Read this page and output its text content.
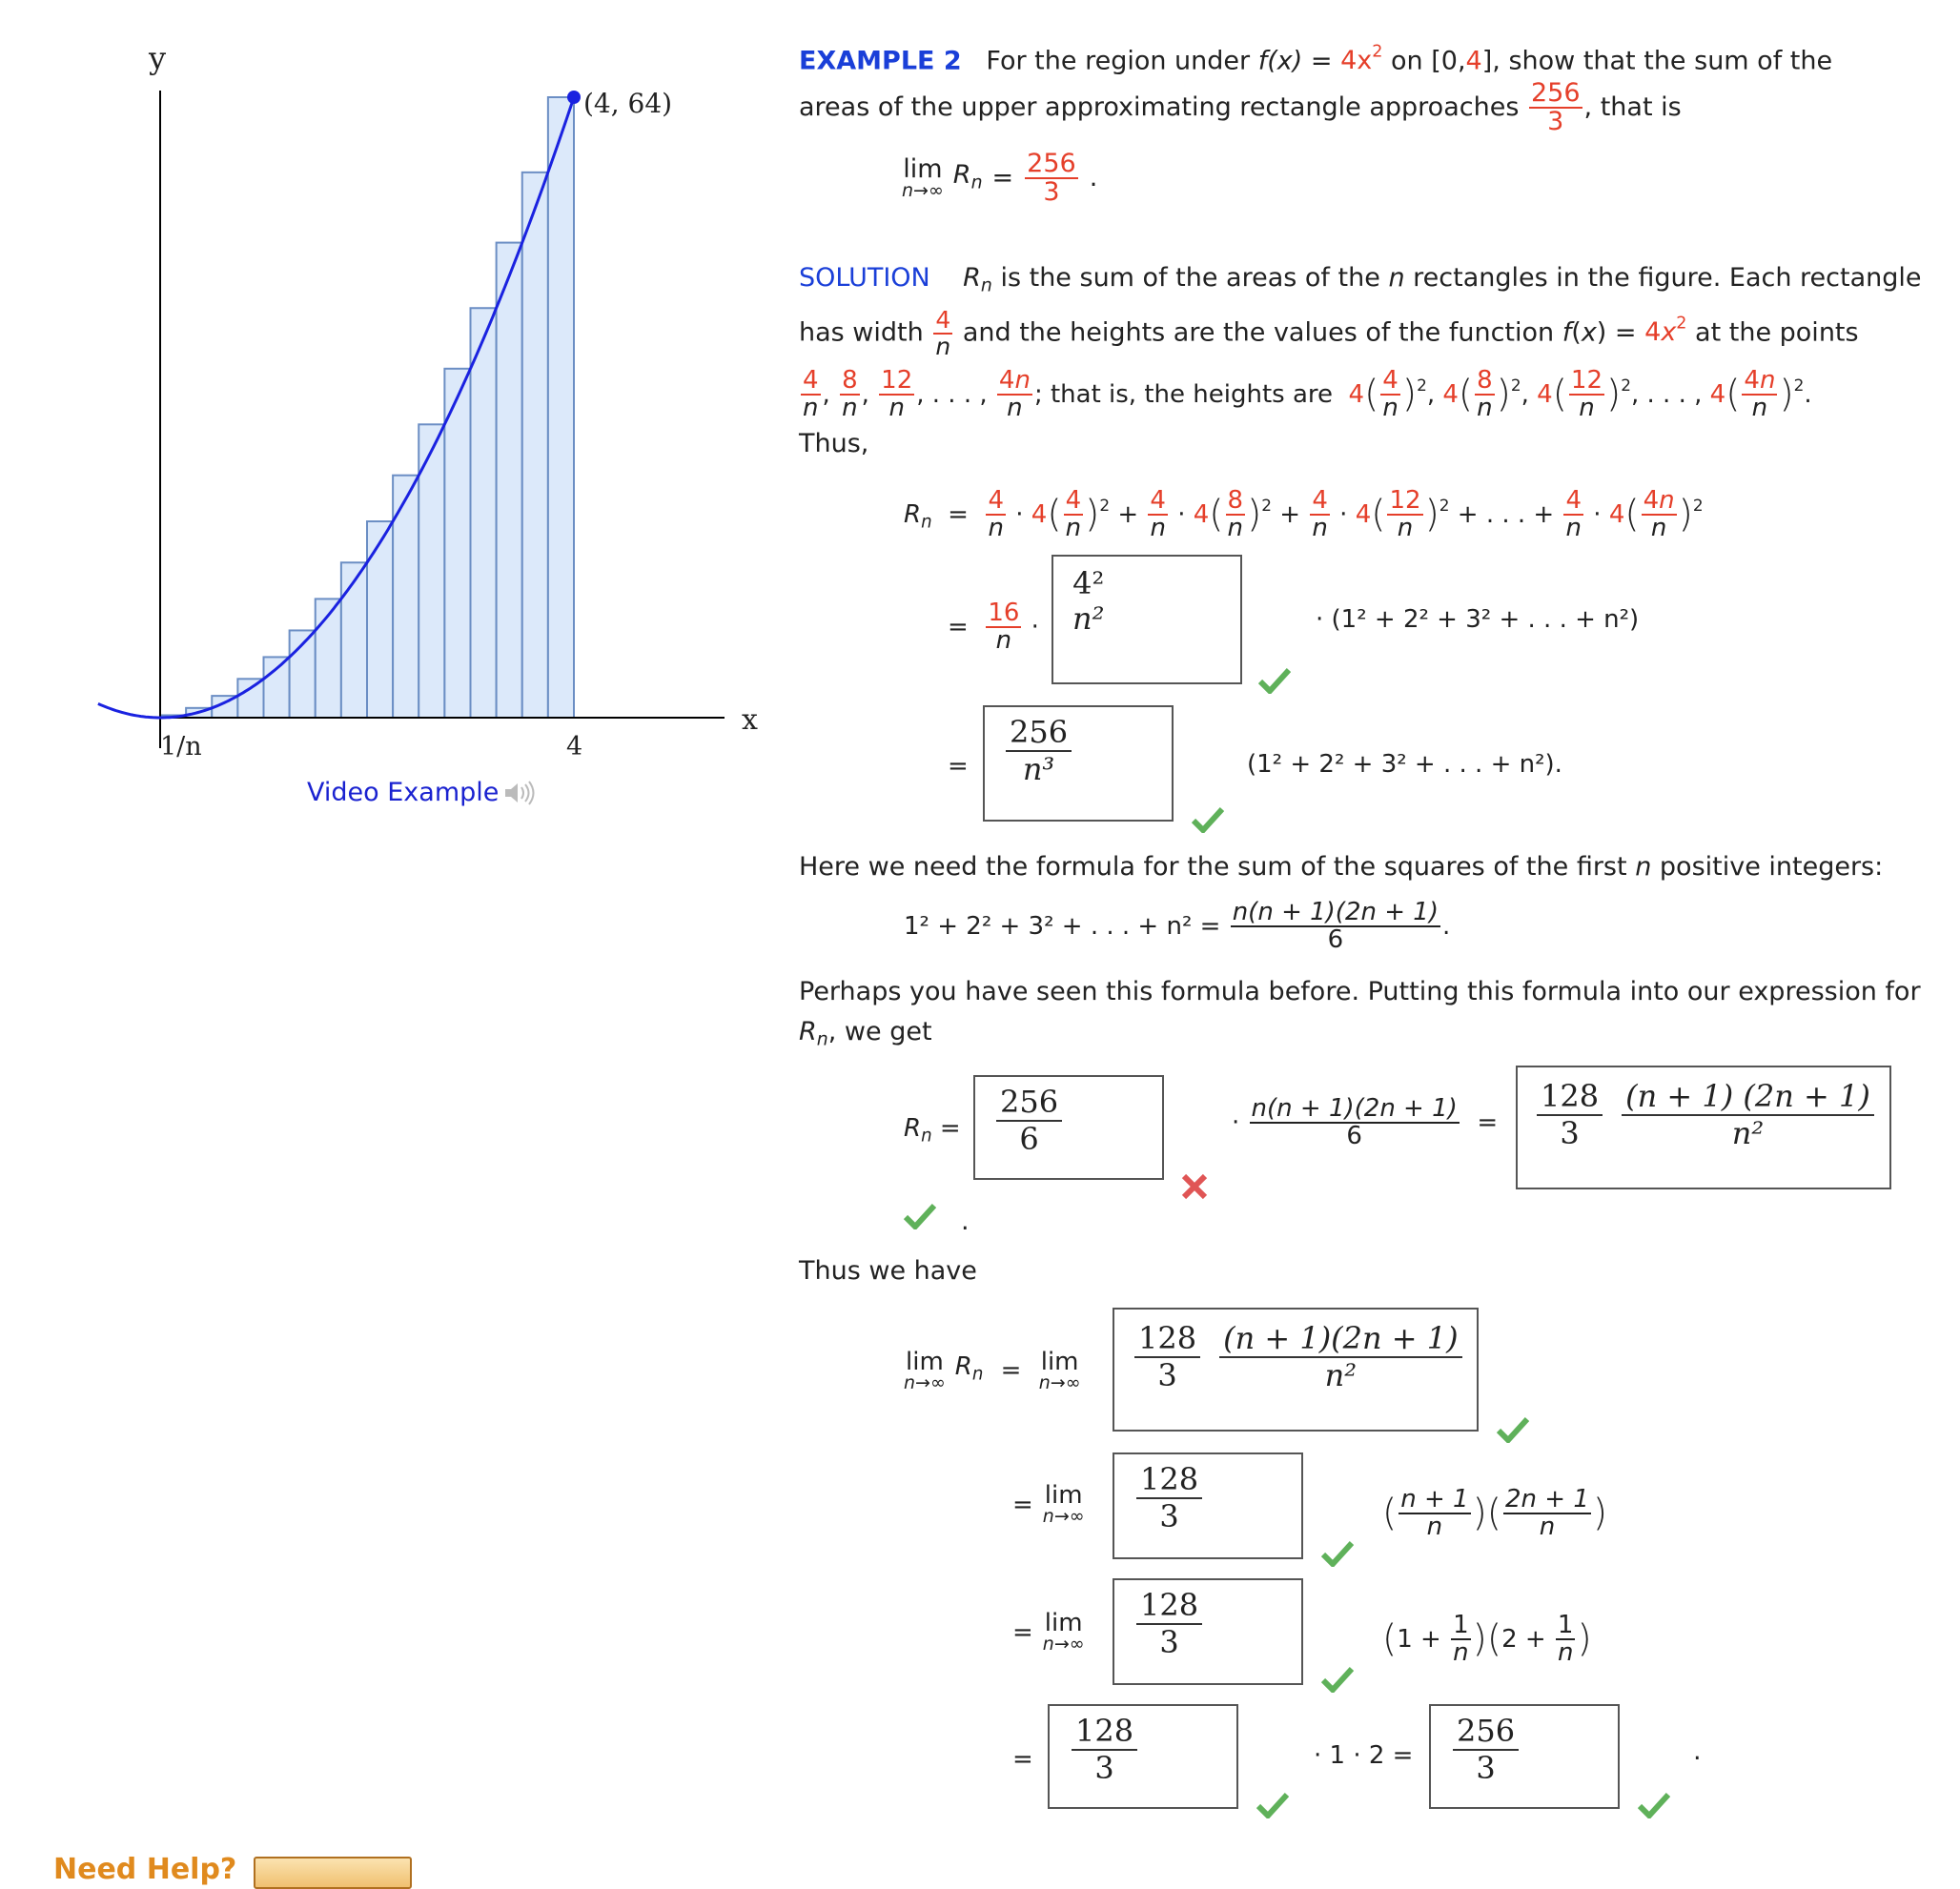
y
x
(4, 64)
1/n	4
Video Example
EXAMPLE 2 For the region under $f(x) = 4x^2$ on [0,4], show that the sum of the
areas of the upper approximating rectangle approaches $\frac{256}{3}$ , that is
lim
n→∞
$R_n = \frac{256}{3}$ .
SOLUTION $R_n$ is the sum of the areas of the n rectangles in the figure. Each rectangle
has width $\frac{4}{n}$ and the heights are the values of the function $f(x) = 4x^2$ at the points
$\frac{4}{n}$ , $\frac{8}{n}$ , $\frac{12}{n}$ , . . . , $\frac{4n}{n}$ ; that is, the heights are $4( \frac{4}{n} )^2$, $4( \frac{8}{n} )^2$, $4( \frac{12}{n} )^2$, . . . , $4( \frac{4n}{n} )^2$.
Thus,
$R_n = \frac{4}{n} \cdot 4( \frac{4}{n} )^2 + \frac{4}{n} \cdot 4( \frac{8}{n} )^2 + \frac{4}{n} \cdot 4( \frac{12}{n} )^2$ + . . . + $\frac{4}{n} \cdot 4( \frac{4n}{n} )^2$
= $\frac{16}{n}$ ·
4²
n²	· (1² + 2² + 3² + . . . + n²)
=
256
n³	(1² + 2² + 3² + . . . + n²).
Here we need the formula for the sum of the squares of the first n positive integers:
1² + 2² + 3² + . . . + $n^2 = \frac{n(n + 1)(2n + 1)}{6}$ .
Perhaps you have seen this formula before. Putting this formula into our expression for
$R_n$, we get
$R_n$ =
256
6	· $\frac{n(n + 1)(2n + 1)}{6}$ =
128
3
(n + 1) (2n + 1)
n²
.
Thus we have
lim
n→∞
$R_n = \lim$
n→∞
128
3
(n + 1)(2n + 1)
n²
= lim
n→∞
128
3	( $\frac{n + 1}{n}$ )( $\frac{2n + 1}{n}$ )
= lim
n→∞
128
3	$(1 + \frac{1}{n} )(2 + \frac{1}{n}$ )
=
128
3	· 1 · 2 =
256
3	.
Need Help?
